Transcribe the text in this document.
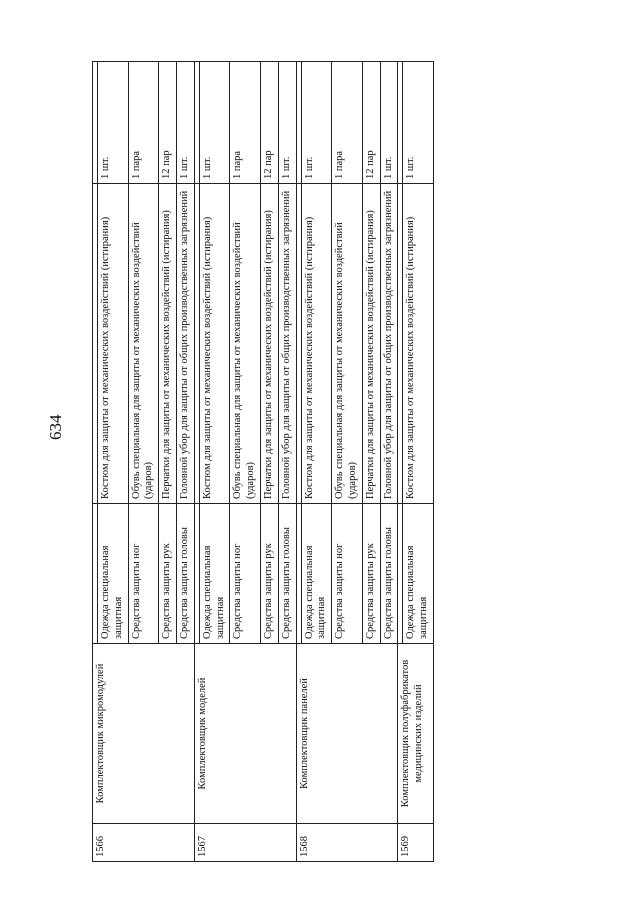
634
1566	Комплектовщик микромодулей			
		Одежда специальная защитная	Костюм для защиты от механических воздействий (истирания)	1 шт.
		Средства защиты ног	Обувь специальная для защиты от механических воздействий (ударов)	1 пара
		Средства защиты рук	Перчатки для защиты от механических воздействий (истирания)	12 пар
		Средства защиты головы	Головной убор для защиты от общих производственных загрязнений	1 шт.
1567	Комплектовщик моделей			
		Одежда специальная защитная	Костюм для защиты от механических воздействий (истирания)	1 шт.
		Средства защиты ног	Обувь специальная для защиты от механических воздействий (ударов)	1 пара
		Средства защиты рук	Перчатки для защиты от механических воздействий (истирания)	12 пар
		Средства защиты головы	Головной убор для защиты от общих производственных загрязнений	1 шт.
1568	Комплектовщик панелей			
		Одежда специальная защитная	Костюм для защиты от механических воздействий (истирания)	1 шт.
		Средства защиты ног	Обувь специальная для защиты от механических воздействий (ударов)	1 пара
		Средства защиты рук	Перчатки для защиты от механических воздействий (истирания)	12 пар
		Средства защиты головы	Головной убор для защиты от общих производственных загрязнений	1 шт.
1569	Комплектовщик полуфабрикатов медицинских изделий			
		Одежда специальная защитная	Костюм для защиты от механических воздействий (истирания)	1 шт.
